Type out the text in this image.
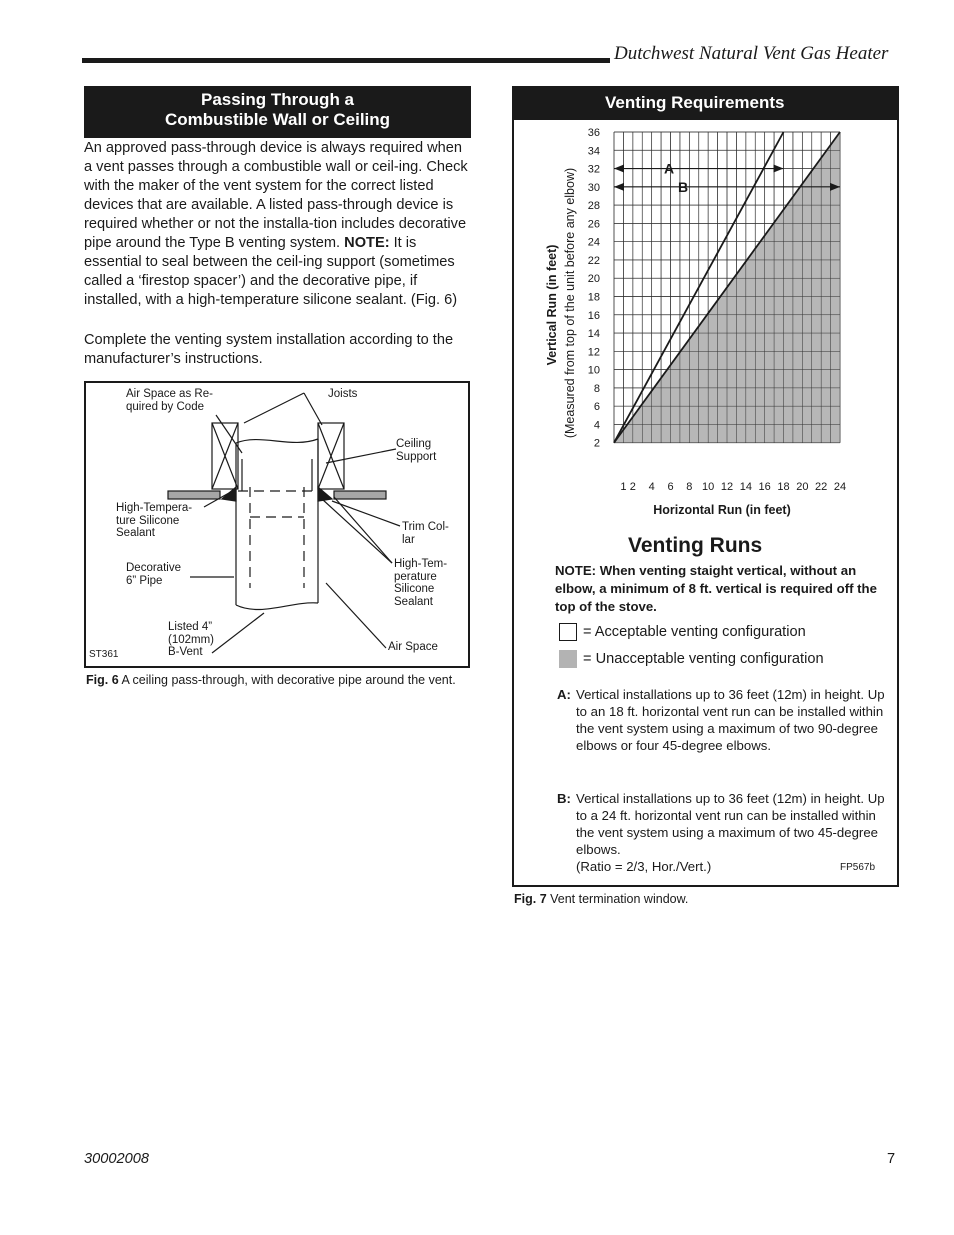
Dutchwest Natural Vent Gas Heater
Passing Through a
Combustible Wall or Ceiling

An approved pass-through device is always required when a vent passes through a combustible wall or ceil-ing. Check with the maker of the vent system for the correct listed devices that are available. A listed pass-through device is required whether or not the installa-tion includes decorative pipe around the Type B venting system. NOTE: It is essential to seal between the ceil-ing support (sometimes called a ‘firestop spacer’) and the decorative pipe, if installed, with a high-temperature silicone sealant. (Fig. 6)

Complete the venting system installation according to the manufacturer’s instructions.

Air Space as Re-
quired by Code
Joists
Ceiling
Support
High-Tempera-
ture Silicone
Sealant	Trim Col-
lar
Decorative
6” Pipe
High-Tem-
perature
Silicone
Sealant
Listed 4”
(102mm)
B-Vent	Air Space
ST361
Fig. 6 A ceiling pass-through, with decorative pipe around the vent.
Venting Requirements
1 2 4 6 8 10 12 14 16 18 20 22 24
2
4
6
8
10
12
14
16
18
20
22
24
26
28
30
32
34
36
A
B
Horizontal Run (in feet)
Vertical Run (in feet) (Measured from top of the unit before any elbow)
Venting Runs
NOTE: When venting staight vertical, without an elbow, a minimum of 8 ft. vertical is required off the top of the stove.
= Acceptable venting configuration
= Unacceptable venting configuration
A: Vertical installations up to 36 feet (12m) in height. Up to an 18 ft. horizontal vent run can be installed within the vent system using a maximum of two 90-degree elbows or four 45-degree elbows.
B: Vertical installations up to 36 feet (12m) in height. Up to a 24 ft. horizontal vent run can be installed within the vent system using a maximum of two 45-degree elbows.
(Ratio = 2/3, Hor./Vert.)	FP567b
Fig. 7 Vent termination window.
30002008	7
